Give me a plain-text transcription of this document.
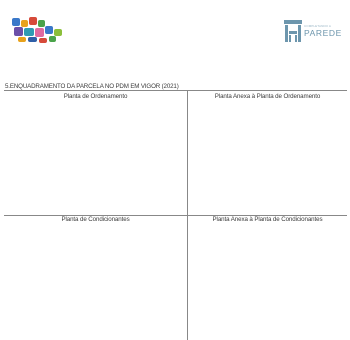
COMPLETANDO A
PAREDE
5.ENQUADRAMENTO DA PARCELA NO PDM EM VIGOR (2021)
Planta de Ordenamento	Planta Anexa à Planta de Ordenamento
Planta de Condicionantes	Planta Anexa à Planta de Condicionantes
